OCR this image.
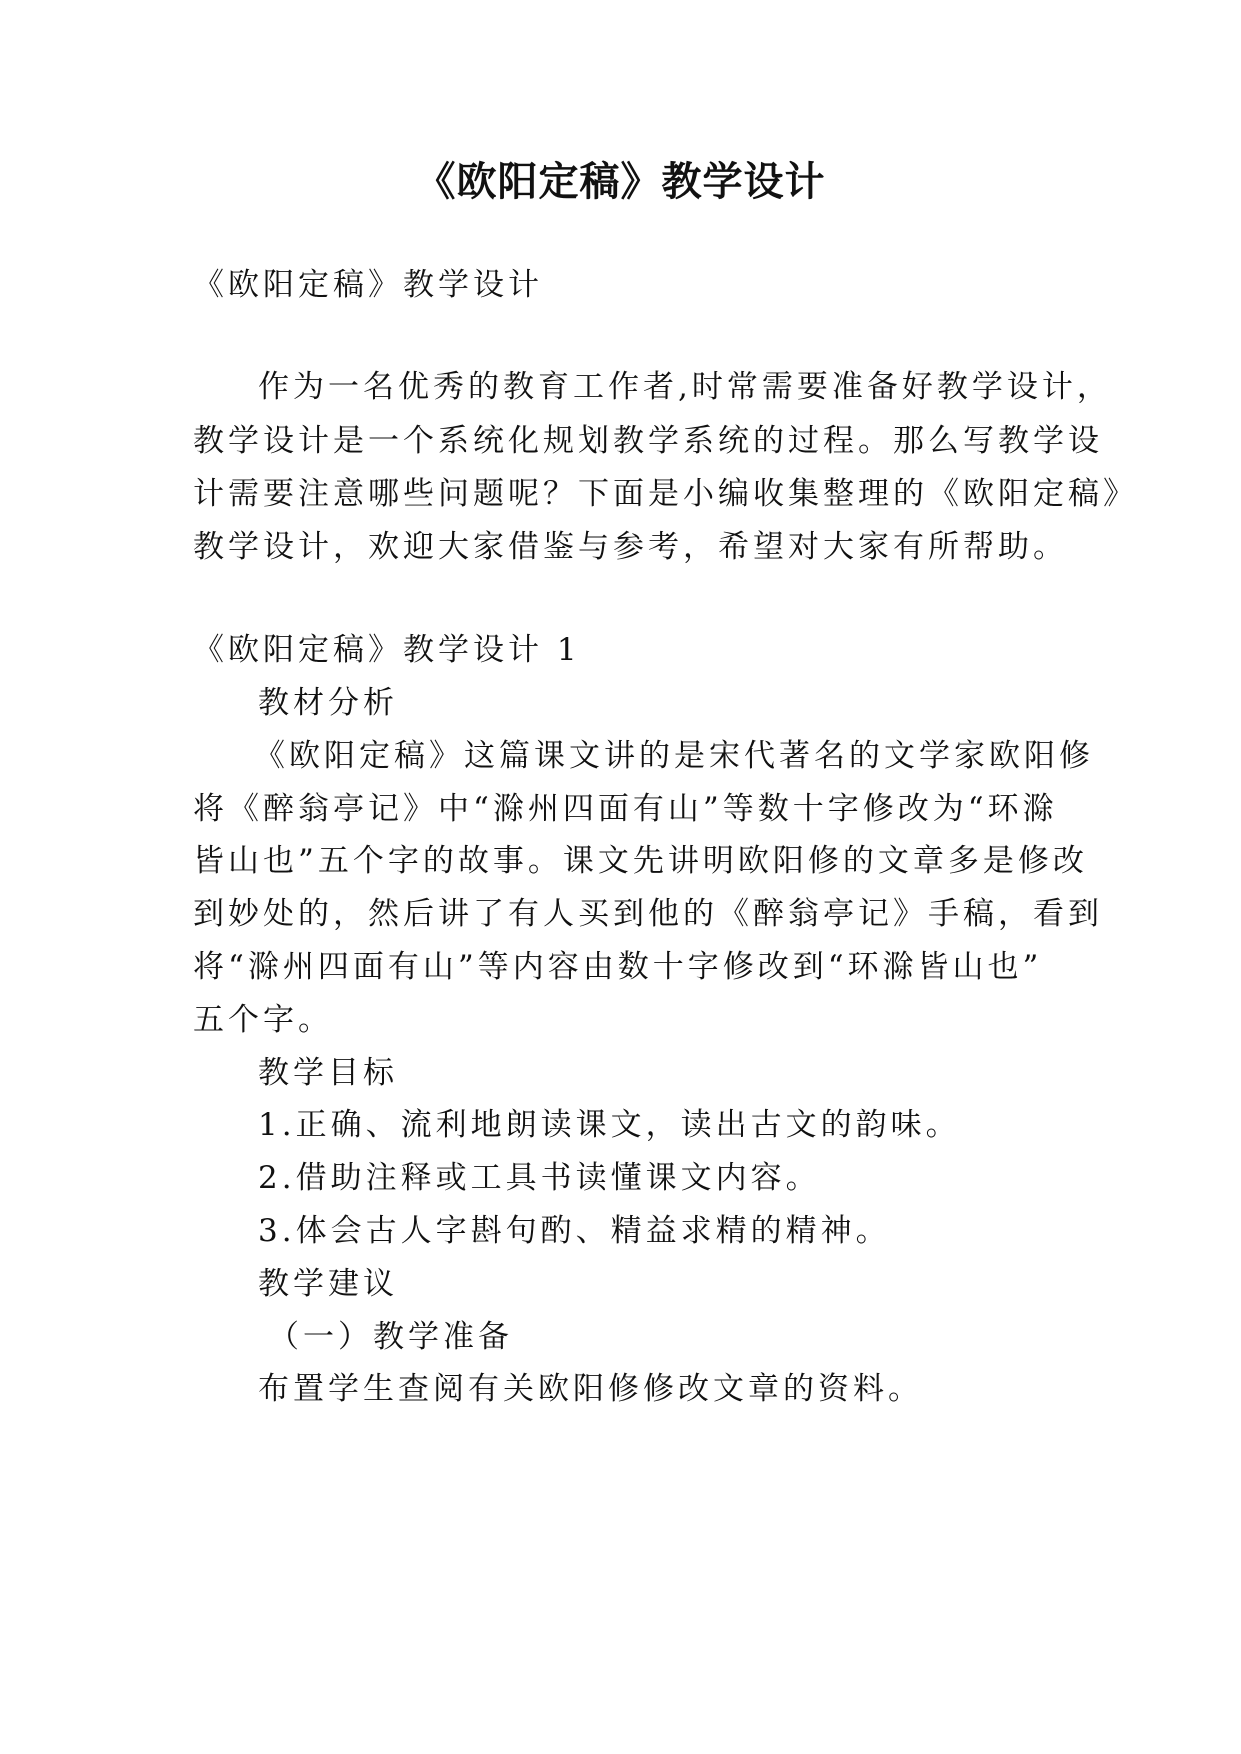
《欧阳定稿》教学设计
《欧阳定稿》教学设计
作为一名优秀的教育工作者,时常需要准备好教学设计，
教学设计是一个系统化规划教学系统的过程。那么写教学设
计需要注意哪些问题呢？下面是小编收集整理的《欧阳定稿》
教学设计，欢迎大家借鉴与参考，希望对大家有所帮助。
《欧阳定稿》教学设计 1
教材分析
《欧阳定稿》这篇课文讲的是宋代著名的文学家欧阳修
将《醉翁亭记》中“滁州四面有山”等数十字修改为“环滁
皆山也”五个字的故事。课文先讲明欧阳修的文章多是修改
到妙处的，然后讲了有人买到他的《醉翁亭记》手稿，看到
将“滁州四面有山”等内容由数十字修改到“环滁皆山也”
五个字。
教学目标
1.正确、流利地朗读课文，读出古文的韵味。
2.借助注释或工具书读懂课文内容。
3.体会古人字斟句酌、精益求精的精神。
教学建议
（一）教学准备
布置学生查阅有关欧阳修修改文章的资料。
